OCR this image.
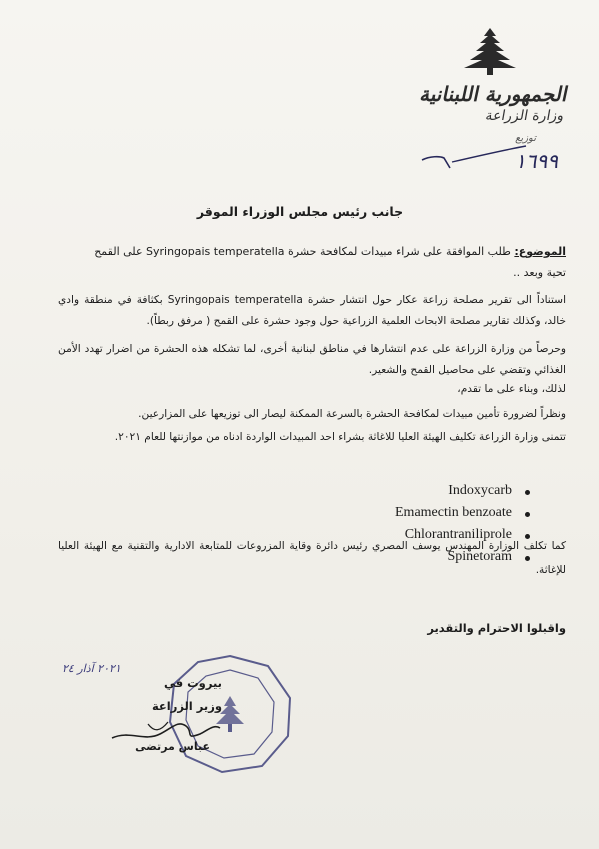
الجمهورية اللبنانية
وزارة الزراعة
توزيع
١٦٩٩
جانب رئيس مجلس الوزراء الموقر
الموضوع: طلب الموافقة على شراء مبيدات لمكافحة حشرة Syringopais temperatella على القمح
تحية وبعد ..
استناداً الى تقرير مصلحة زراعة عكار حول انتشار حشرة Syringopais temperatella بكثافة في منطقة وادي خالد، وكذلك تقارير مصلحة الابحاث العلمية الزراعية حول وجود حشرة على القمح ( مرفق ربطاً).
وحرصاً من وزارة الزراعة على عدم انتشارها في مناطق لبنانية أخرى، لما تشكله هذه الحشرة من اضرار تهدد الأمن الغذائي وتقضي على محاصيل القمح والشعير.
لذلك، وبناء على ما تقدم،
ونظراً لضرورة تأمين مبيدات لمكافحة الحشرة بالسرعة الممكنة ليصار الى توزيعها على المزارعين.
تتمنى وزارة الزراعة تكليف الهيئة العليا للاغاثة بشراء احد المبيدات الواردة ادناه من موازنتها للعام ٢٠٢١.
Indoxycarb
Emamectin benzoate
Chlorantraniliprole
Spinetoram
كما تكلف الوزارة المهندس يوسف المصري رئيس دائرة وقاية المزروعات للمتابعة الادارية والتقنية مع الهيئة العليا للإغاثة.
واقبلوا الاحترام والتقدير
٢٠٢١ آذار ٢٤
بيروت في
وزير الزراعة
عباس مرتضى
